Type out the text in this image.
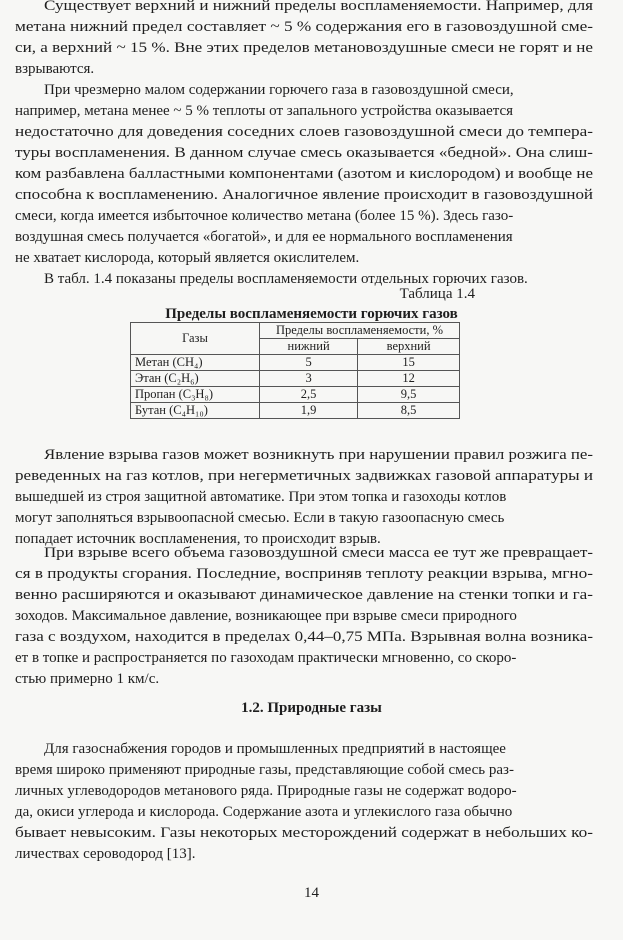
Существует верхний и нижний пределы воспламеняемости. Например, для
метана нижний предел составляет ~ 5 % содержания его в газовоздушной сме-
си, а верхний ~ 15 %. Вне этих пределов метановоздушные смеси не горят и не
взрываются.
При чрезмерно малом содержании горючего газа в газовоздушной смеси,
например, метана менее ~ 5 % теплоты от запального устройства оказывается
недостаточно для доведения соседних слоев газовоздушной смеси до темпера-
туры воспламенения. В данном случае смесь оказывается «бедной». Она слиш-
ком разбавлена балластными компонентами (азотом и кислородом) и вообще не
способна к воспламенению. Аналогичное явление происходит в газовоздушной
смеси, когда имеется избыточное количество метана (более 15 %). Здесь газо-
воздушная смесь получается «богатой», и для ее нормального воспламенения
не хватает кислорода, который является окислителем.
В табл. 1.4 показаны пределы воспламеняемости отдельных горючих газов.
Таблица 1.4
Пределы воспламеняемости горючих газов
Газы	Пределы воспламеняемости, %	
	нижний	верхний
Метан (CH₄)	5	15
Этан (C₂H₆)	3	12
Пропан (C₃H₈)	2,5	9,5
Бутан (C₄H₁₀)	1,9	8,5
Явление взрыва газов может возникнуть при нарушении правил розжига пе-
реведенных на газ котлов, при негерметичных задвижках газовой аппаратуры и
вышедшей из строя защитной автоматике. При этом топка и газоходы котлов
могут заполняться взрывоопасной смесью. Если в такую газоопасную смесь
попадает источник воспламенения, то происходит взрыв.
При взрыве всего объема газовоздушной смеси масса ее тут же превращает-
ся в продукты сгорания. Последние, восприняв теплоту реакции взрыва, мгно-
венно расширяются и оказывают динамическое давление на стенки топки и га-
зоходов. Максимальное давление, возникающее при взрыве смеси природного
газа с воздухом, находится в пределах 0,44–0,75 МПа. Взрывная волна возника-
ет в топке и распространяется по газоходам практически мгновенно, со скоро-
стью примерно 1 км/с.
1.2. Природные газы
Для газоснабжения городов и промышленных предприятий в настоящее
время широко применяют природные газы, представляющие собой смесь раз-
личных углеводородов метанового ряда. Природные газы не содержат водоро-
да, окиси углерода и кислорода. Содержание азота и углекислого газа обычно
бывает невысоким. Газы некоторых месторождений содержат в небольших ко-
личествах сероводород [13].
14
